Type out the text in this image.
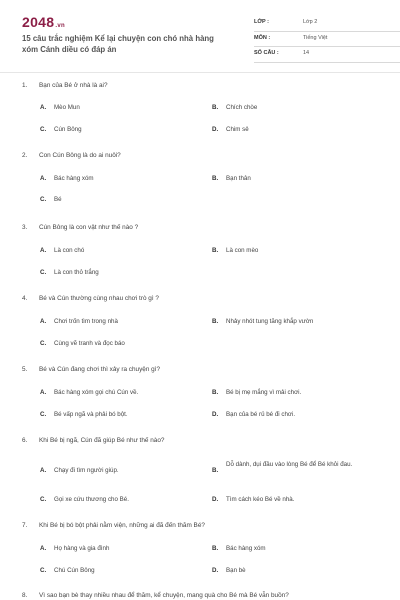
2048.vn
15 câu trắc nghiệm Kể lại chuyện con chó nhà hàng xóm Cánh diều có đáp án
LỚP :	Lớp 2
MÔN :	Tiếng Việt
SỐ CÂU :	14
1. Bạn của Bé ở nhà là ai?
A. Mèo Mun	B. Chích chòe
C. Cún Bông	D. Chim sẻ
2. Con Cún Bông là do ai nuôi?
A. Bác hàng xóm	B. Bạn thân
C. Bé
3. Cún Bông là con vật như thế nào ?
A. Là con chó	B. Là con mèo
C. Là con thỏ trắng
4. Bé và Cún thường cùng nhau chơi trò gì ?
A. Chơi trốn tìm trong nhà	B. Nhảy nhót tung tăng khắp vườn
C. Cùng vẽ tranh và đọc báo
5. Bé và Cún đang chơi thì xảy ra chuyện gì?
A. Bác hàng xóm gọi chú Cún về.	B. Bé bị mẹ mắng vì mải chơi.
C. Bé vấp ngã và phải bó bột.	D. Bạn của bé rủ bé đi chơi.
6. Khi Bé bị ngã, Cún đã giúp Bé như thế nào?
A. Chạy đi tìm người giúp.	B.
Dỗ dành, dụi đầu vào lòng Bé để Bé khỏi đau.
C. Gọi xe cứu thương cho Bé.	D. Tìm cách kéo Bé về nhà.
7. Khi Bé bị bó bột phải nằm viện, những ai đã đến thăm Bé?
A. Họ hàng và gia đình	B. Bác hàng xóm
C. Chú Cún Bông	D. Bạn bè
8. Vì sao bạn bè thay nhiều nhau để thăm, kể chuyện, mang quà cho Bé mà Bé vẫn buồn?
